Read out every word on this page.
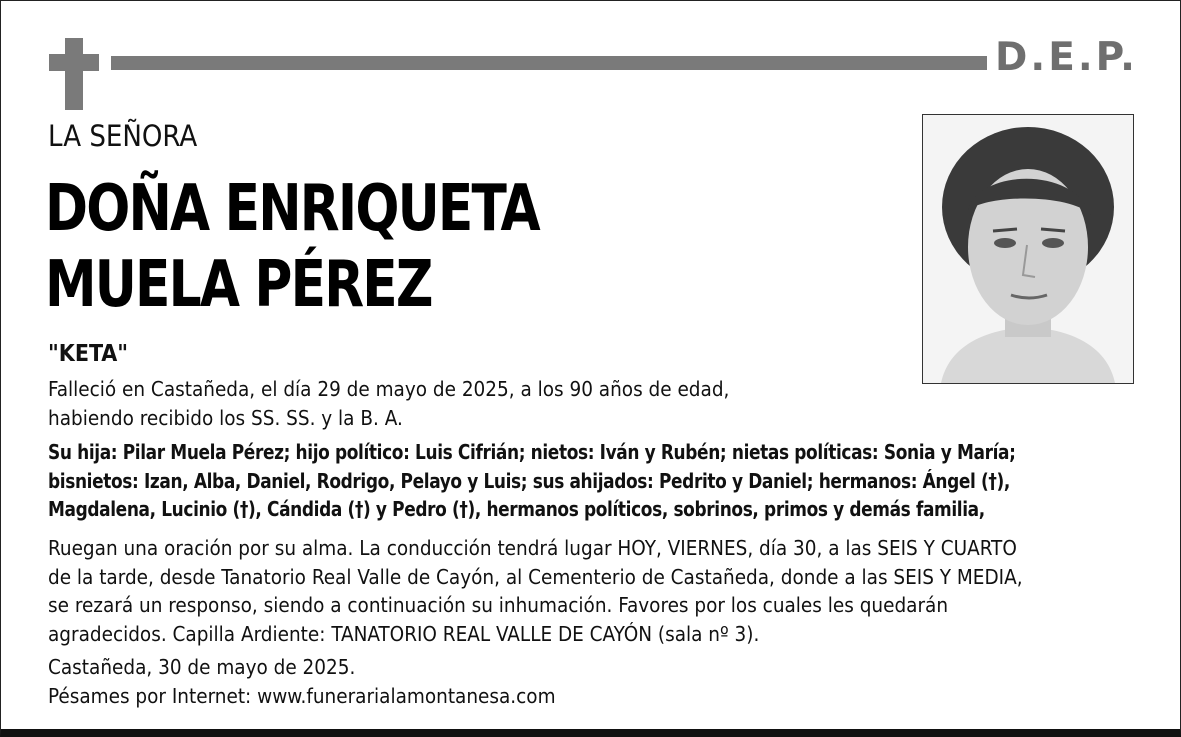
D.E.P.
LA SEÑORA
DOÑA ENRIQUETA
MUELA PÉREZ
"KETA"
Falleció en Castañeda, el día 29 de mayo de 2025, a los 90 años de edad,
habiendo recibido los SS. SS. y la B. A.
Su hija: Pilar Muela Pérez; hijo político: Luis Cifrián; nietos: Iván y Rubén; nietas políticas: Sonia y María;
bisnietos: Izan, Alba, Daniel, Rodrigo, Pelayo y Luis; sus ahijados: Pedrito y Daniel; hermanos: Ángel (†),
Magdalena, Lucinio (†), Cándida (†) y Pedro (†), hermanos políticos, sobrinos, primos y demás familia,
Ruegan una oración por su alma. La conducción tendrá lugar HOY, VIERNES, día 30, a las SEIS Y CUARTO
de la tarde, desde Tanatorio Real Valle de Cayón, al Cementerio de Castañeda, donde a las SEIS Y MEDIA,
se rezará un responso, siendo a continuación su inhumación. Favores por los cuales les quedarán
agradecidos. Capilla Ardiente: TANATORIO REAL VALLE DE CAYÓN (sala nº 3).
Castañeda, 30 de mayo de 2025.
Pésames por Internet: www.funerarialamontanesa.com
